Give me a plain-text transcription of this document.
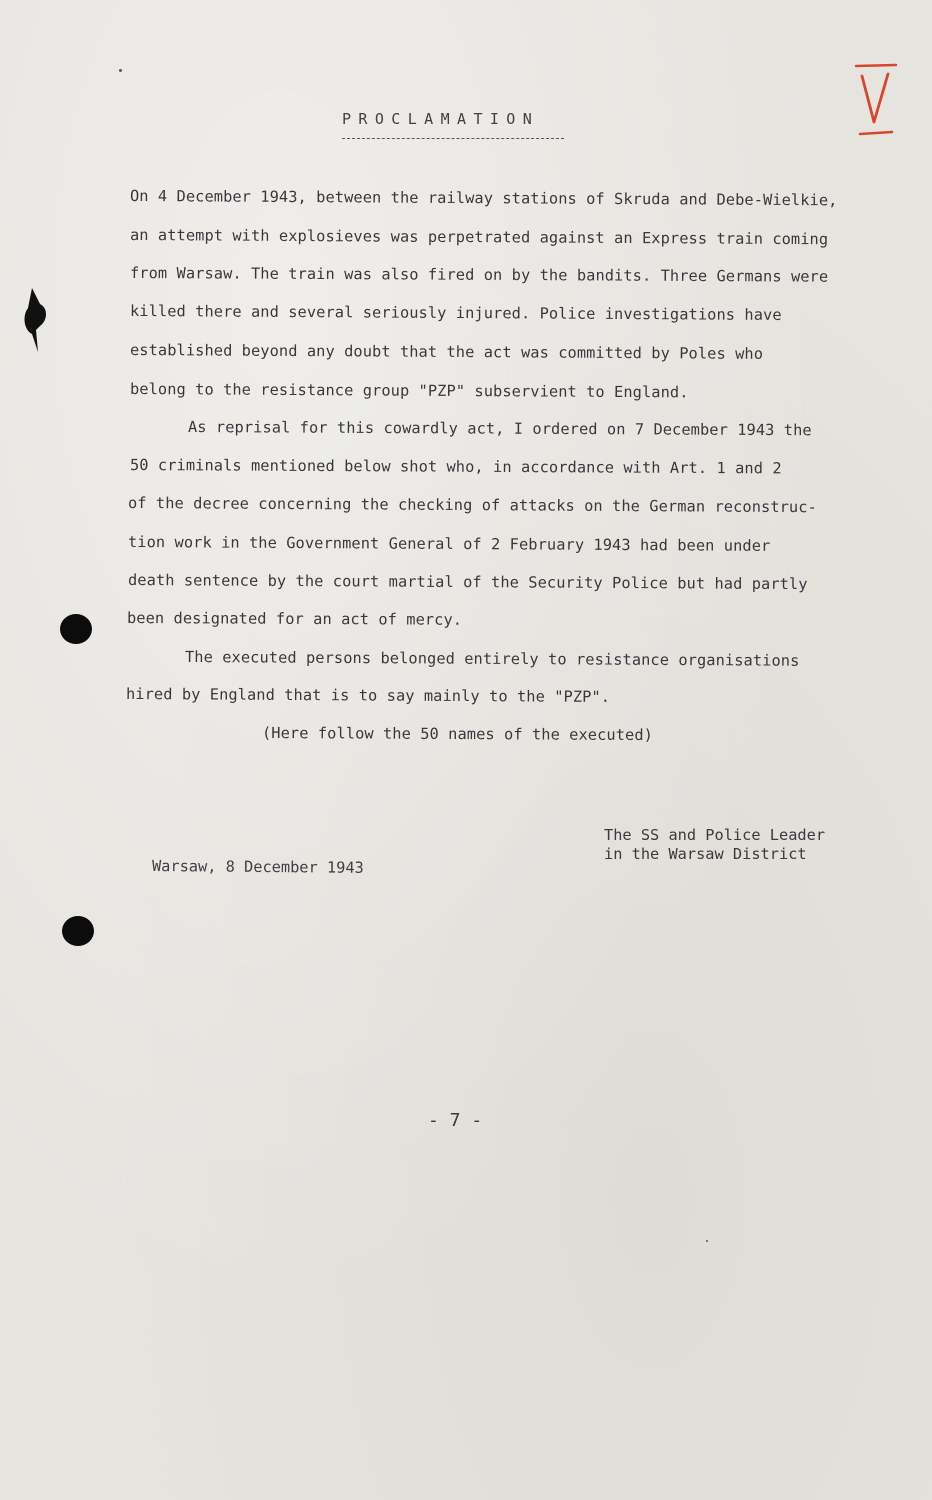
PROCLAMATION
On 4 December 1943, between the railway stations of Skruda and Debe-Wielkie,
an attempt with explosieves was perpetrated against an Express train coming
from Warsaw. The train was also fired on by the bandits. Three Germans were
killed there and several seriously injured. Police investigations have
established beyond any doubt that the act was committed by Poles who
belong to the resistance group "PZP" subservient to England.
As reprisal for this cowardly act, I ordered on 7 December 1943 the
50 criminals mentioned below shot who, in accordance with Art. 1 and 2
of the decree concerning the checking of attacks on the German reconstruc-
tion work in the Government General of 2 February 1943 had been under
death sentence by the court martial of the Security Police but had partly
been designated for an act of mercy.
The executed persons belonged entirely to resistance organisations
hired by England that is to say mainly to the "PZP".
(Here follow the 50 names of the executed)
The SS and Police Leader
in the Warsaw District
Warsaw, 8 December 1943
- 7 -
